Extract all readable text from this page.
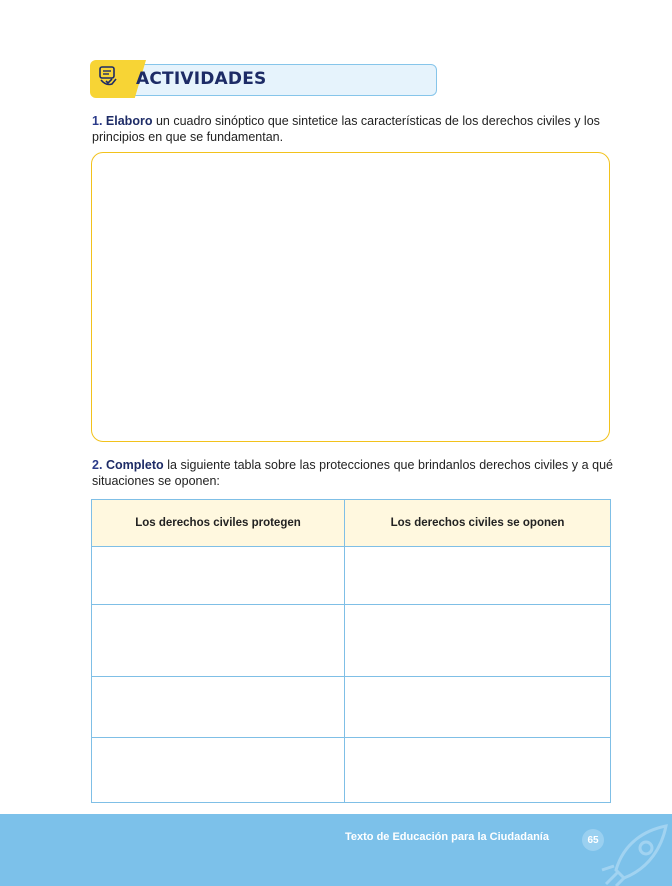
ACTIVIDADES
1. Elaboro un cuadro sinóptico que sintetice las características de los derechos civiles y los principios en que se fundamentan.
2. Completo la siguiente tabla sobre las protecciones que brindanlos derechos civiles y a qué situaciones se oponen:
Los derechos civiles protegen	Los derechos civiles se oponen

Texto de Educación para la Ciudadanía	65
